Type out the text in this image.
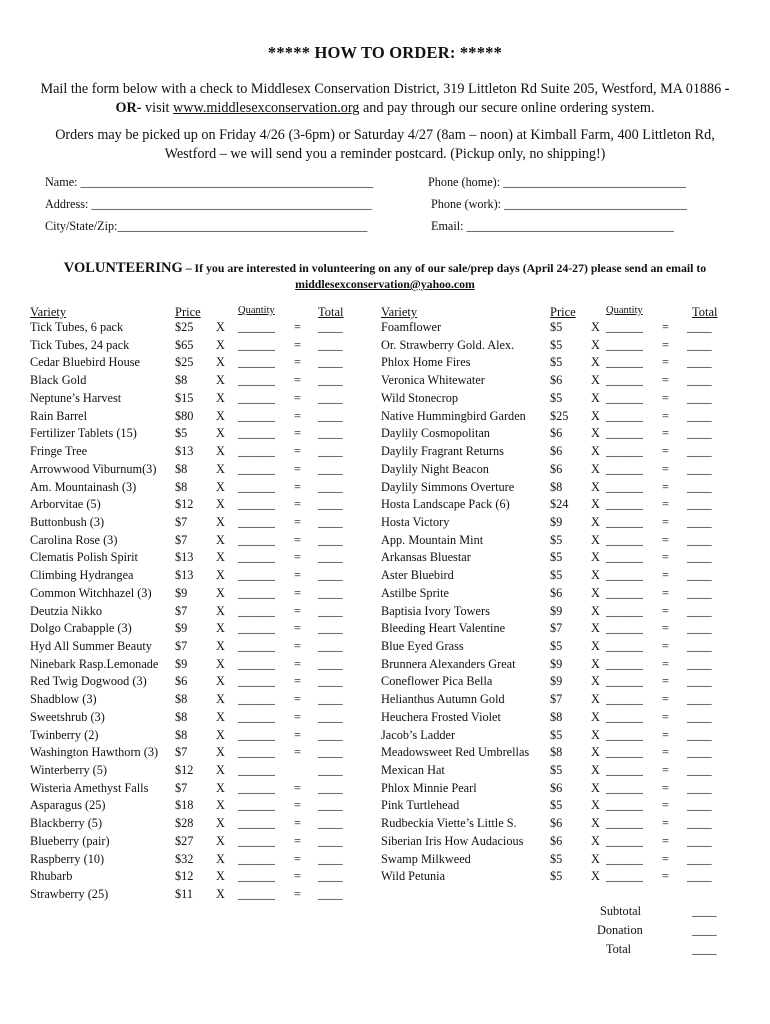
***** HOW TO ORDER: *****
Mail the form below with a check to Middlesex Conservation District, 319 Littleton Rd Suite 205, Westford, MA 01886 -OR- visit www.middlesexconservation.org and pay through our secure online ordering system.
Orders may be picked up on Friday 4/26 (3-6pm) or Saturday 4/27 (8am – noon) at Kimball Farm, 400 Littleton Rd, Westford – we will send you a reminder postcard. (Pickup only, no shipping!)
Name: ________________________________________________	Phone (home): ______________________________
Address: ______________________________________________	Phone (work): ______________________________
City/State/Zip:_________________________________________	Email: __________________________________
VOLUNTEERING – If you are interested in volunteering on any of our sale/prep days (April 24-27) please send an email to middlesexconservation@yahoo.com
Variety	Price	Quantity	Total	Variety	Price	Quantity	Total
Tick Tubes, 6 pack	$25 X ______ = ____
Tick Tubes, 24 pack	$65 X ______ = ____
Cedar Bluebird House	$25 X ______ = ____
Black Gold	$8 X ______ = ____
Neptune’s Harvest	$15 X ______ = ____
Rain Barrel	$80 X ______ = ____
Fertilizer Tablets (15)	$5 X ______ = ____
Fringe Tree	$13 X ______ = ____
Arrowwood Viburnum(3) $8 X ______ = ____
Am. Mountainash (3)	$8 X ______ = ____
Arborvitae (5)	$12 X ______ = ____
Buttonbush (3)	$7 X ______ = ____
Carolina Rose (3)	$7 X ______ = ____
Clematis Polish Spirit	$13 X ______ = ____
Climbing Hydrangea	$13 X ______ = ____
Common Witchhazel (3) $9 X ______ = ____
Deutzia Nikko	$7 X ______ = ____
Dolgo Crabapple (3)	$9 X ______ = ____
Hyd All Summer Beauty $7 X ______ = ____
Ninebark Rasp.Lemonade $9 X ______ = ____
Red Twig Dogwood (3) $6 X ______ = ____
Shadblow (3)	$8 X ______ = ____
Sweetshrub (3)	$8 X ______ = ____
Twinberry (2)	$8 X ______ = ____
Washington Hawthorn (3) $7 X ______ = ____
Winterberry (5)	$12 X ______	____
Wisteria Amethyst Falls $7 X ______ = ____
Asparagus (25)	$18 X ______ = ____
Blackberry (5)	$28 X ______ = ____
Blueberry (pair)	$27 X ______ = ____
Raspberry (10)	$32 X ______ = ____
Rhubarb	$12 X ______ = ____
Strawberry (25)	$11 X ______ = ____
Foamflower	$5 X ______ = ____
Or. Strawberry Gold. Alex.	$5 X ______ = ____
Phlox Home Fires	$5 X ______ = ____
Veronica Whitewater	$6 X ______ = ____
Wild Stonecrop	$5 X ______ = ____
Native Hummingbird Garden $25 X ______ = ____
Daylily Cosmopolitan	$6 X ______ = ____
Daylily Fragrant Returns	$6 X ______ = ____
Daylily Night Beacon	$6 X ______ = ____
Daylily Simmons Overture	$8 X ______ = ____
Hosta Landscape Pack (6)	$24 X ______ = ____
Hosta Victory	$9 X ______ = ____
App. Mountain Mint	$5 X ______ = ____
Arkansas Bluestar	$5 X ______ = ____
Aster Bluebird	$5 X ______ = ____
Astilbe Sprite	$6 X ______ = ____
Baptisia Ivory Towers	$9 X ______ = ____
Bleeding Heart Valentine	$7 X ______ = ____
Blue Eyed Grass	$5 X ______ = ____
Brunnera Alexanders Great	$9 X ______ = ____
Coneflower Pica Bella	$9 X ______ = ____
Helianthus Autumn Gold	$7 X ______ = ____
Heuchera Frosted Violet	$8 X ______ = ____
Jacob’s Ladder	$5 X ______ = ____
Meadowsweet Red Umbrellas $8 X ______ = ____
Mexican Hat	$5 X ______ = ____
Phlox Minnie Pearl	$6 X ______ = ____
Pink Turtlehead	$5 X ______ = ____
Rudbeckia Viette’s Little S.	$6 X ______ = ____
Siberian Iris How Audacious $6 X ______ = ____
Swamp Milkweed	$5 X ______ = ____
Wild Petunia	$5 X ______ = ____
Subtotal	____
Donation	____
Total	____
